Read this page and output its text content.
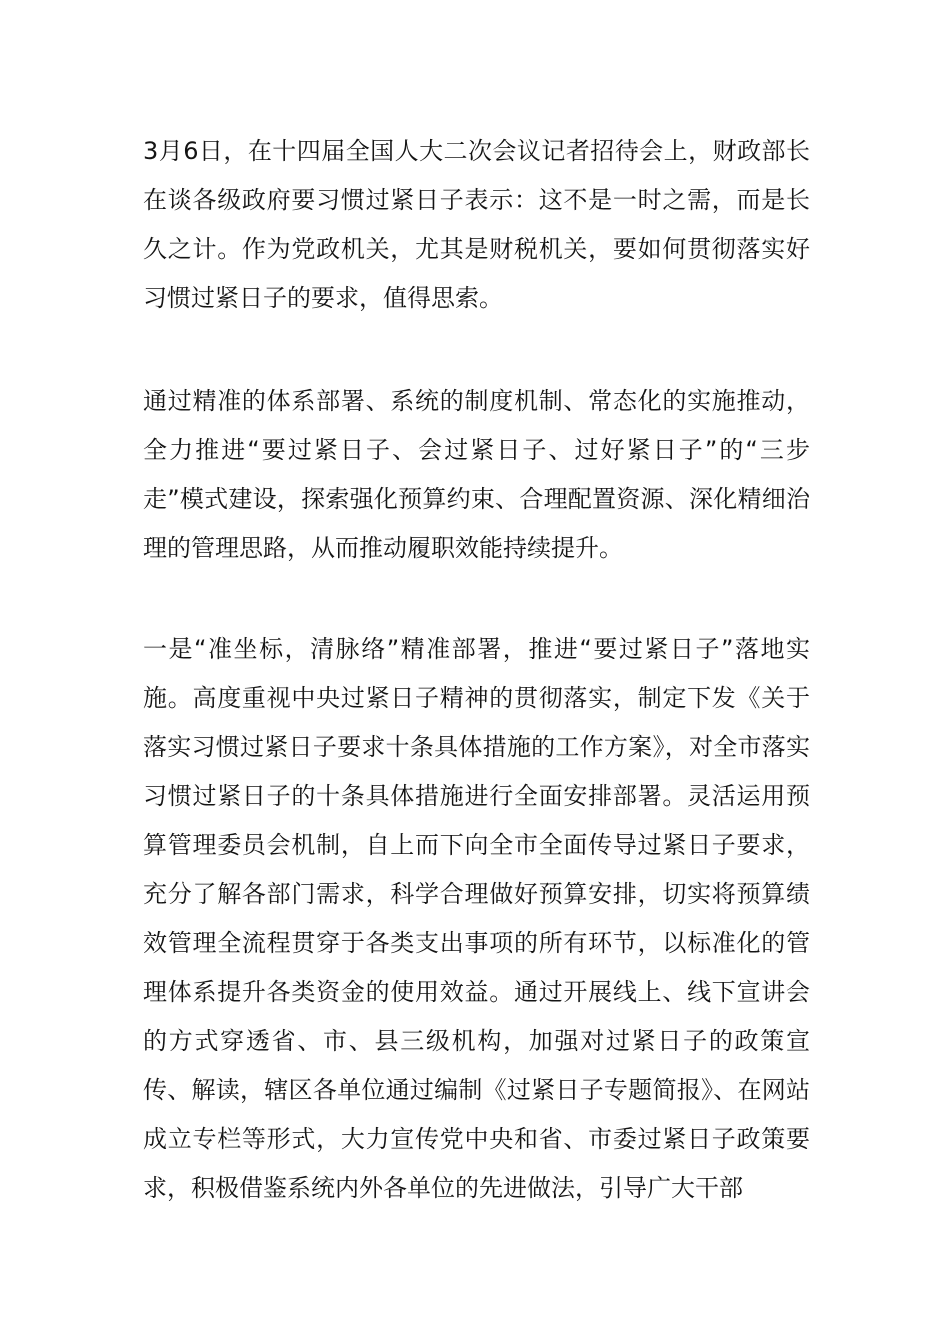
3月6日，在十四届全国人大二次会议记者招待会上，财政部长在谈各级政府要习惯过紧日子表示：这不是一时之需，而是长久之计。作为党政机关，尤其是财税机关，要如何贯彻落实好习惯过紧日子的要求，值得思索。

通过精准的体系部署、系统的制度机制、常态化的实施推动，全力推进“要过紧日子、会过紧日子、过好紧日子”的“三步走”模式建设，探索强化预算约束、合理配置资源、深化精细治理的管理思路，从而推动履职效能持续提升。

一是“准坐标，清脉络”精准部署，推进“要过紧日子”落地实施。高度重视中央过紧日子精神的贯彻落实，制定下发《关于落实习惯过紧日子要求十条具体措施的工作方案》，对全市落实习惯过紧日子的十条具体措施进行全面安排部署。灵活运用预算管理委员会机制，自上而下向全市全面传导过紧日子要求，充分了解各部门需求，科学合理做好预算安排，切实将预算绩效管理全流程贯穿于各类支出事项的所有环节，以标准化的管理体系提升各类资金的使用效益。通过开展线上、线下宣讲会的方式穿透省、市、县三级机构，加强对过紧日子的政策宣传、解读，辖区各单位通过编制《过紧日子专题简报》、在网站成立专栏等形式，大力宣传党中央和省、市委过紧日子政策要求，积极借鉴系统内外各单位的先进做法，引导广大干部
